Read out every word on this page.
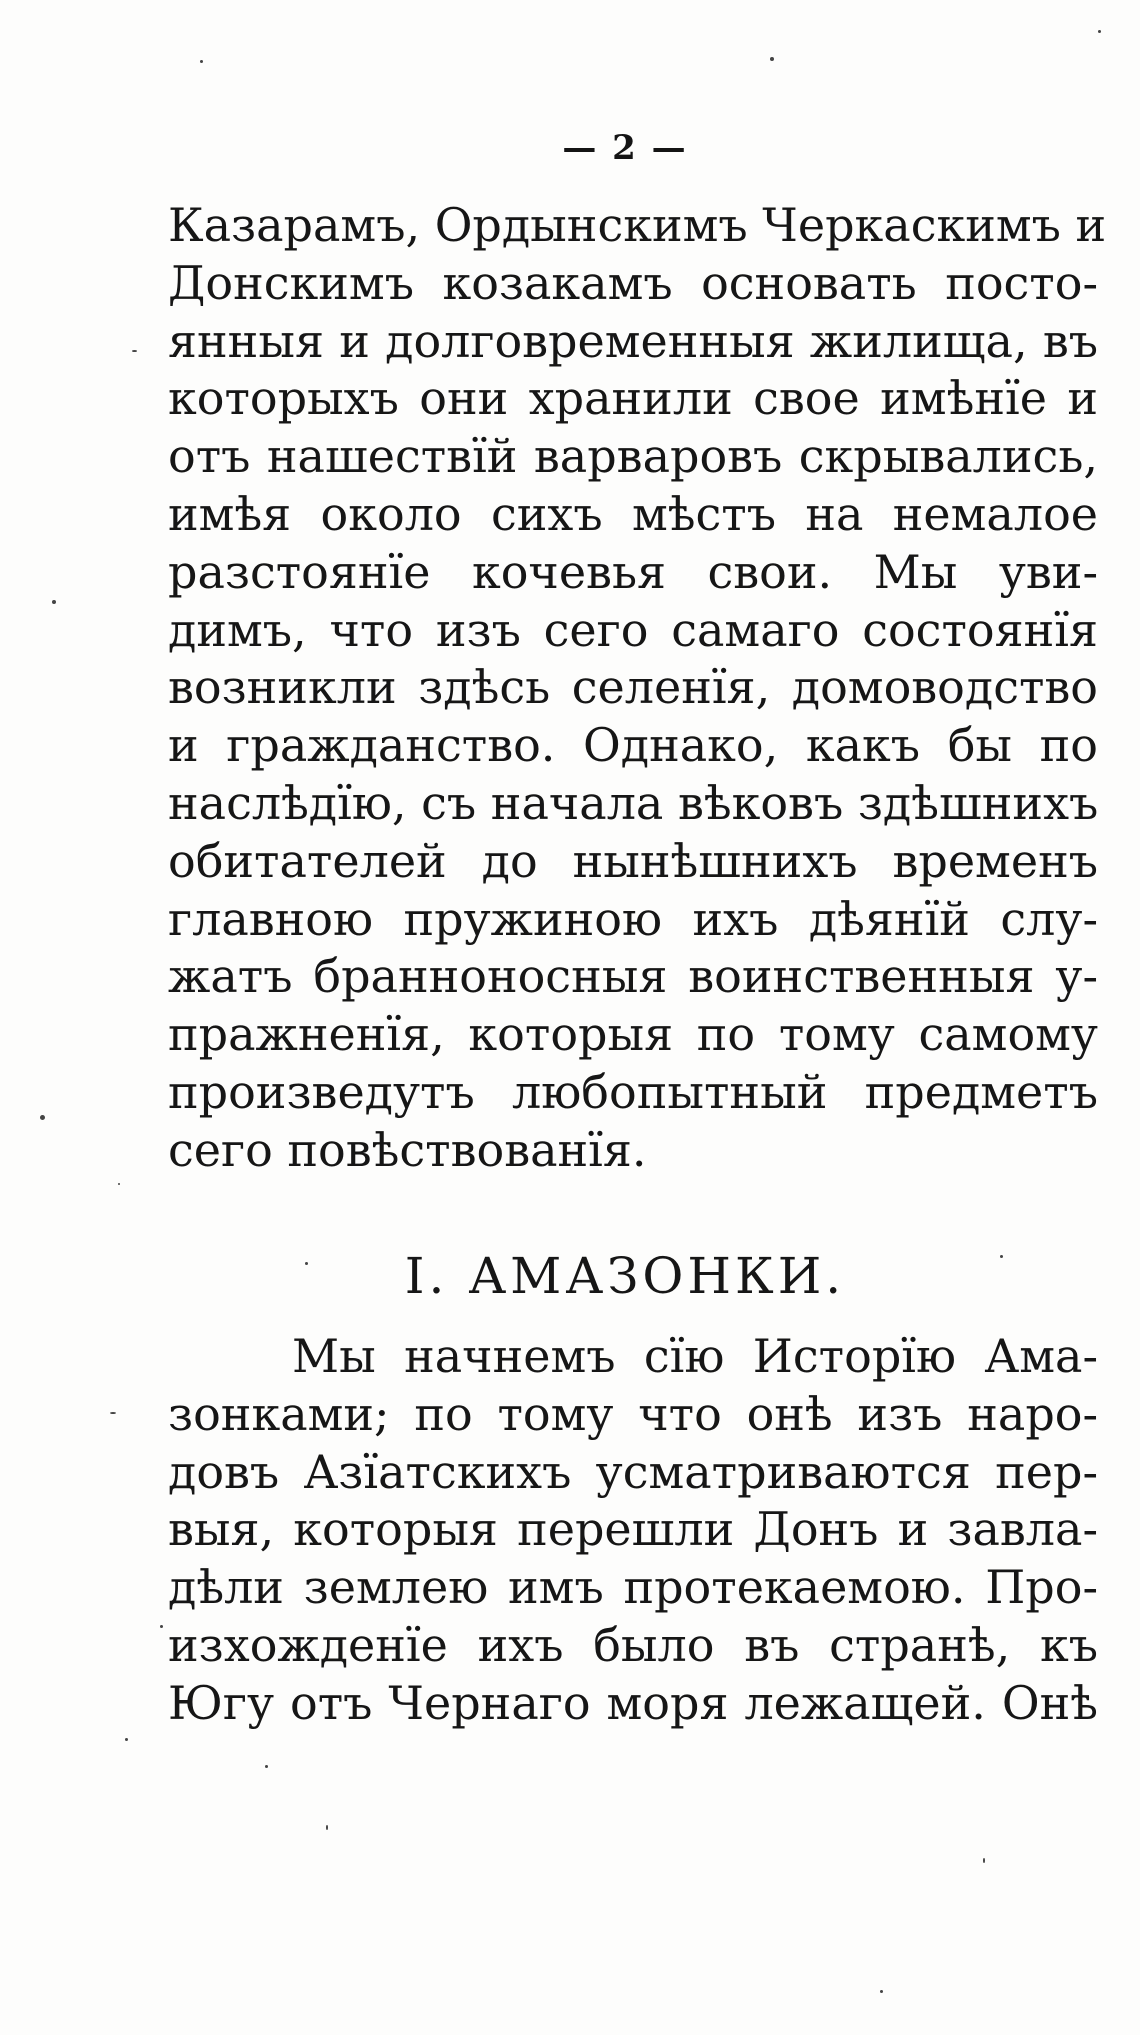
— 2 —
Казарамъ, Ордынскимъ Черкаскимъ и
Донскимъ козакамъ основать посто-
янныя и долговременныя жилища, въ
которыхъ они хранили свое имѣнїе и
отъ нашествїй варваровъ скрывались,
имѣя около сихъ мѣстъ на немалое
разстоянїе кочевья свои. Мы уви-
димъ, что изъ сего самаго состоянїя
возникли здѣсь селенїя, домоводство
и гражданство. Однако, какъ бы по
наслѣдїю, съ начала вѣковъ здѣшнихъ
обитателей до нынѣшнихъ временъ
главною пружиною ихъ дѣянїй слу-
жатъ бранноносныя воинственныя у-
пражненїя, которыя по тому самому
произведутъ любопытный предметъ
сего повѣствованїя.
I. АМАЗОНКИ.
Мы начнемъ сїю Исторїю Ама-
зонками; по тому что онѣ изъ наро-
довъ Азїатскихъ усматриваются пер-
выя, которыя перешли Донъ и завла-
дѣли землею имъ протекаемою. Про-
изхожденїе ихъ было въ странѣ, къ
Югу отъ Чернаго моря лежащей. Онѣ
